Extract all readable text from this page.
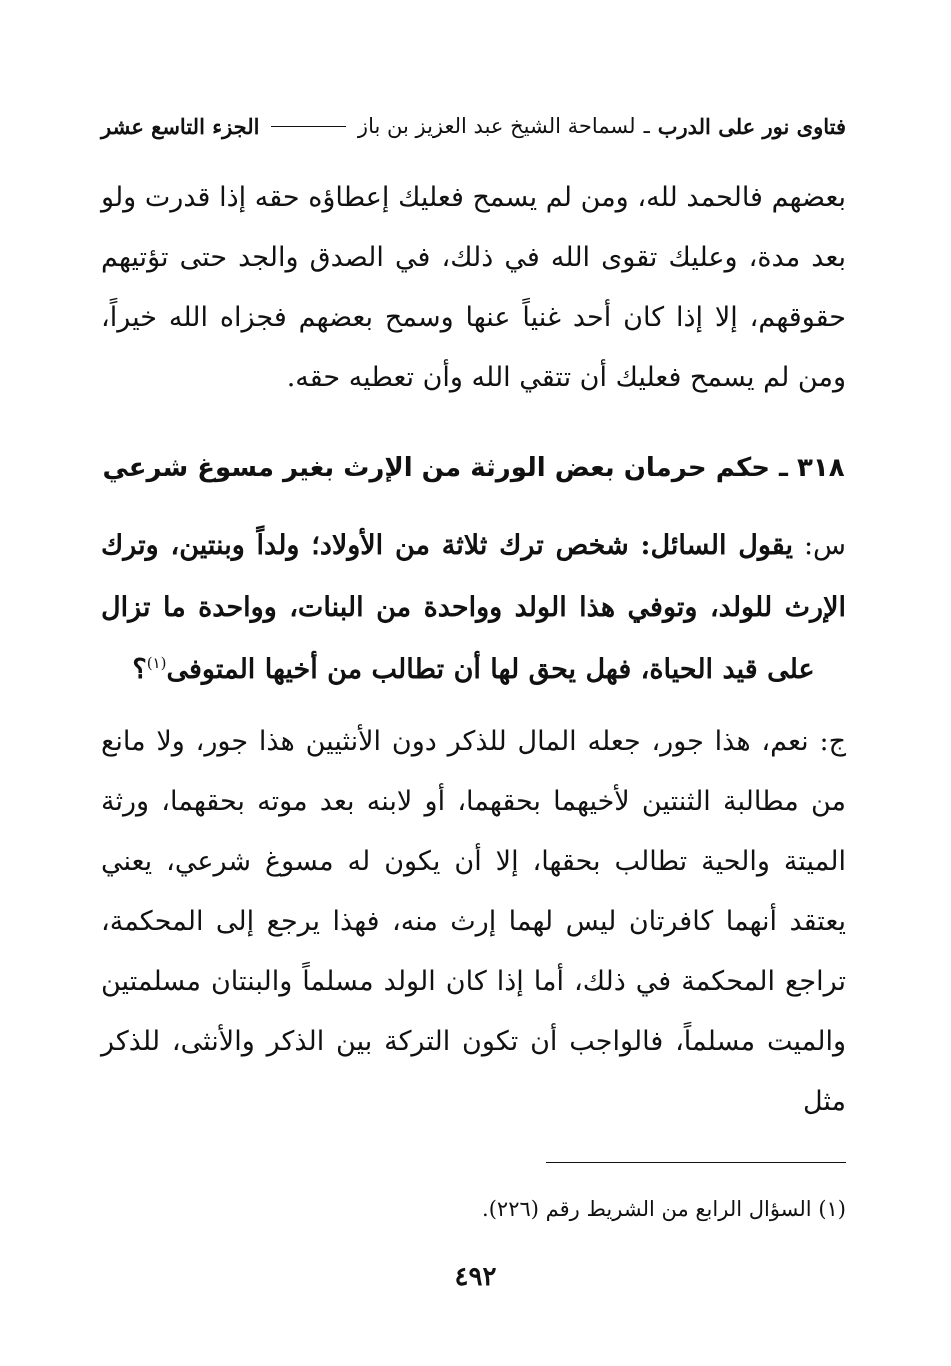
فتاوى نور على الدرب
ـ
لسماحة الشيخ عبد العزيز بن باز
الجزء التاسع عشر
بعضهم فالحمد لله، ومن لم يسمح فعليك إعطاؤه حقه إذا قدرت ولو بعد مدة، وعليك تقوى الله في ذلك، في الصدق والجد حتى تؤتيهم حقوقهم، إلا إذا كان أحد غنياً عنها وسمح بعضهم فجزاه الله خيراً، ومن لم يسمح فعليك أن تتقي الله وأن تعطيه حقه.
٣١٨ ـ حكم حرمان بعض الورثة من الإرث بغير مسوغ شرعي
س: يقول السائل: شخص ترك ثلاثة من الأولاد؛ ولداً وبنتين، وترك الإرث للولد، وتوفي هذا الولد وواحدة من البنات، وواحدة ما تزال على قيد الحياة، فهل يحق لها أن تطالب من أخيها المتوفى$^{(١)}$؟
ج: نعم، هذا جور، جعله المال للذكر دون الأنثيين هذا جور، ولا مانع من مطالبة الثنتين لأخيهما بحقهما، أو لابنه بعد موته بحقهما، ورثة الميتة والحية تطالب بحقها، إلا أن يكون له مسوغ شرعي، يعني يعتقد أنهما كافرتان ليس لهما إرث منه، فهذا يرجع إلى المحكمة، تراجع المحكمة في ذلك، أما إذا كان الولد مسلماً والبنتان مسلمتين والميت مسلماً، فالواجب أن تكون التركة بين الذكر والأنثى، للذكر مثل
(١) السؤال الرابع من الشريط رقم (٢٢٦).
٤٩٢
